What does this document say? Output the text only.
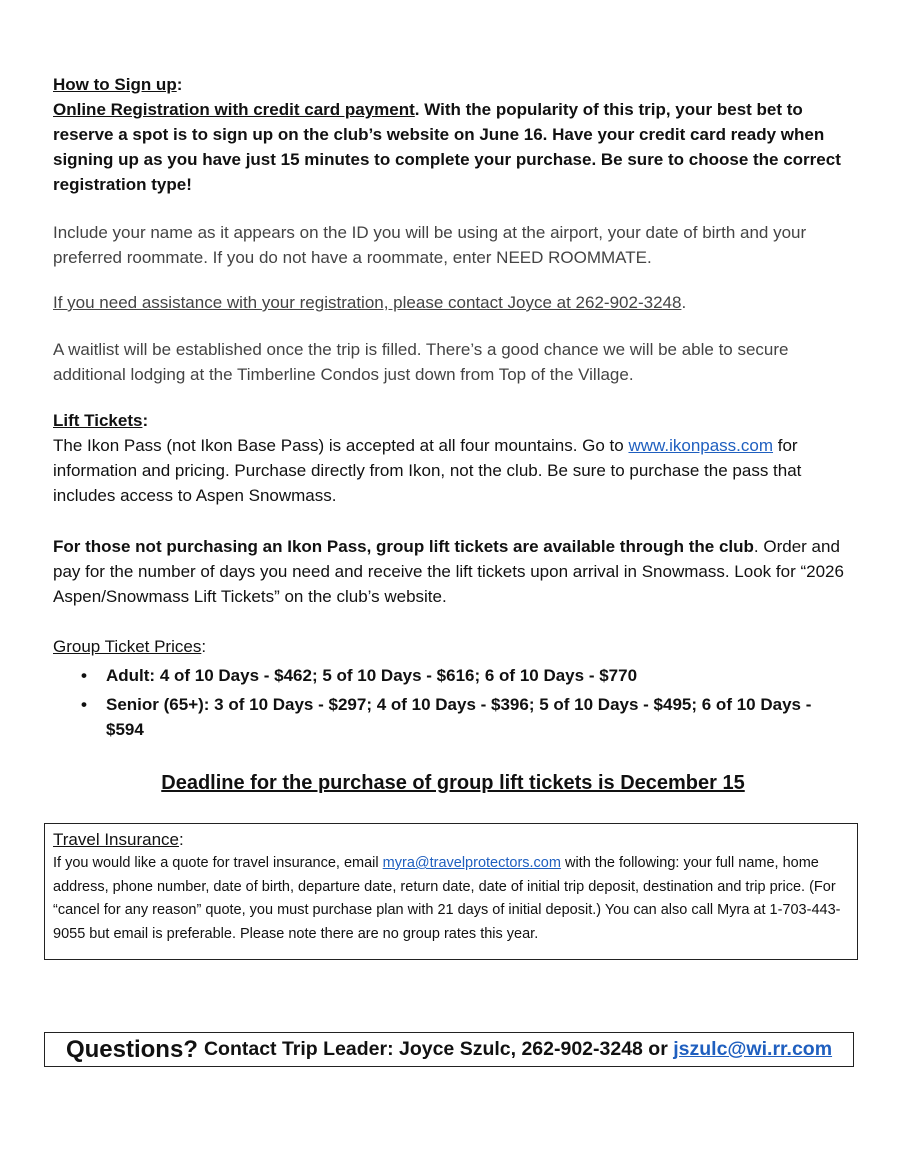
How to Sign up:

Online Registration with credit card payment. With the popularity of this trip, your best bet to reserve a spot is to sign up on the club’s website on June 16. Have your credit card ready when signing up as you have just 15 minutes to complete your purchase. Be sure to choose the correct registration type!

Include your name as it appears on the ID you will be using at the airport, your date of birth and your preferred roommate. If you do not have a roommate, enter NEED ROOMMATE.

If you need assistance with your registration, please contact Joyce at 262-902-3248.

A waitlist will be established once the trip is filled. There’s a good chance we will be able to secure additional lodging at the Timberline Condos just down from Top of the Village.

Lift Tickets:

The Ikon Pass (not Ikon Base Pass) is accepted at all four mountains. Go to www.ikonpass.com for information and pricing. Purchase directly from Ikon, not the club. Be sure to purchase the pass that includes access to Aspen Snowmass.

For those not purchasing an Ikon Pass, group lift tickets are available through the club. Order and pay for the number of days you need and receive the lift tickets upon arrival in Snowmass. Look for “2026 Aspen/Snowmass Lift Tickets” on the club’s website.

Group Ticket Prices:

• Adult: 4 of 10 Days - $462; 5 of 10 Days - $616; 6 of 10 Days - $770
• Senior (65+): 3 of 10 Days - $297; 4 of 10 Days - $396; 5 of 10 Days - $495; 6 of 10 Days - $594
Deadline for the purchase of group lift tickets is December 15
Travel Insurance:
If you would like a quote for travel insurance, email myra@travelprotectors.com with the following: your full name, home address, phone number, date of birth, departure date, return date, date of initial trip deposit, destination and trip price. (For “cancel for any reason” quote, you must purchase plan with 21 days of initial deposit.) You can also call Myra at 1-703-443-9055 but email is preferable. Please note there are no group rates this year.
Questions? Contact Trip Leader: Joyce Szulc, 262-902-3248 or jszulc@wi.rr.com
